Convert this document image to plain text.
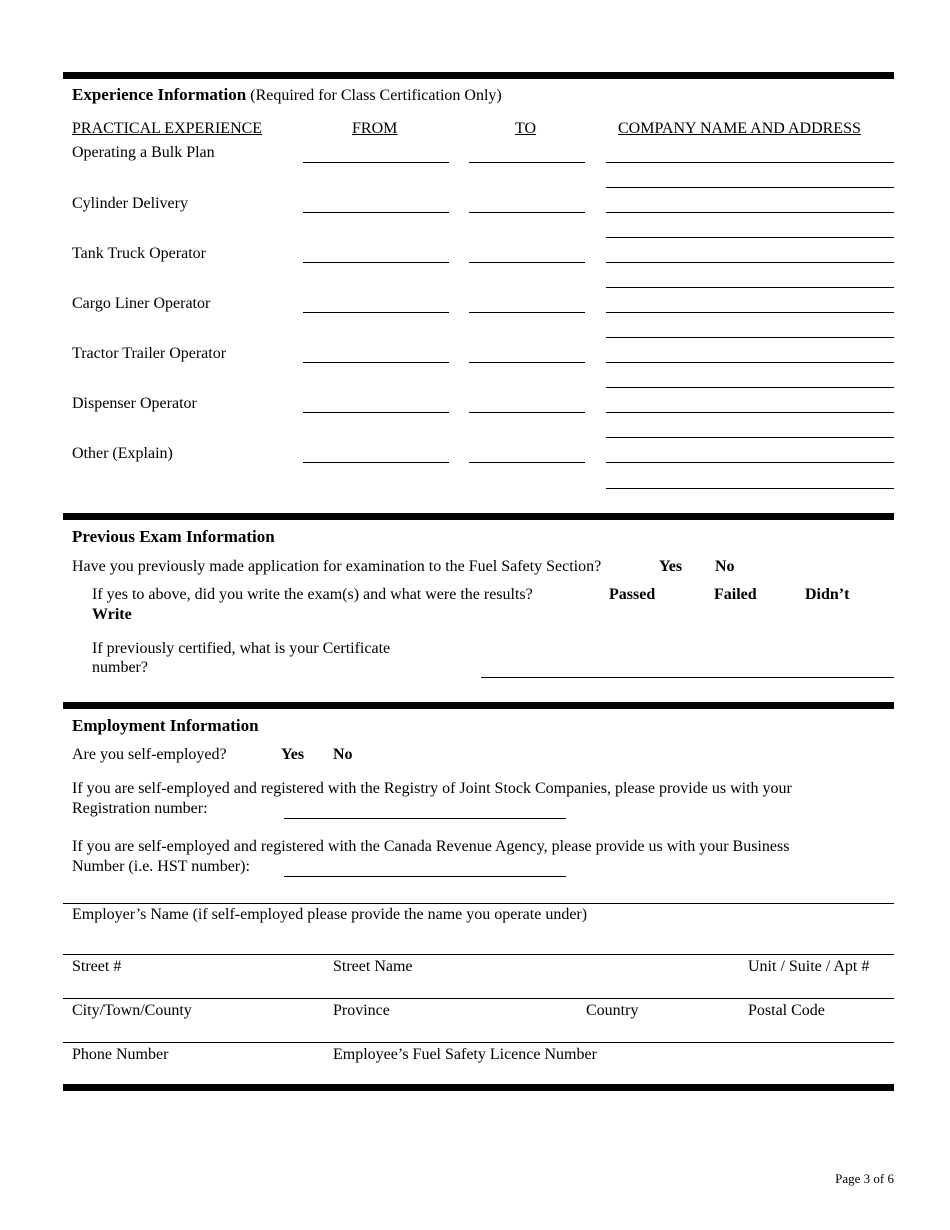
Experience Information (Required for Class Certification Only)
PRACTICAL EXPERIENCE	FROM	TO	COMPANY NAME AND ADDRESS
Operating a Bulk Plan
Cylinder Delivery
Tank Truck Operator
Cargo Liner Operator
Tractor Trailer Operator
Dispenser Operator
Other (Explain)
Previous Exam Information
Have you previously made application for examination to the Fuel Safety Section?	Yes No
If yes to above, did you write the exam(s) and what were the results?	Passed	Failed	Didn’t
Write
If previously certified, what is your Certificate
number?
Employment Information
Are you self-employed?	Yes No
If you are self-employed and registered with the Registry of Joint Stock Companies, please provide us with your
Registration number:
If you are self-employed and registered with the Canada Revenue Agency, please provide us with your Business
Number (i.e. HST number):
Employer’s Name (if self-employed please provide the name you operate under)
Street #	Street Name	Unit / Suite / Apt #
City/Town/County	Province	Country	Postal Code
Phone Number	Employee’s Fuel Safety Licence Number
Page 3 of 6
